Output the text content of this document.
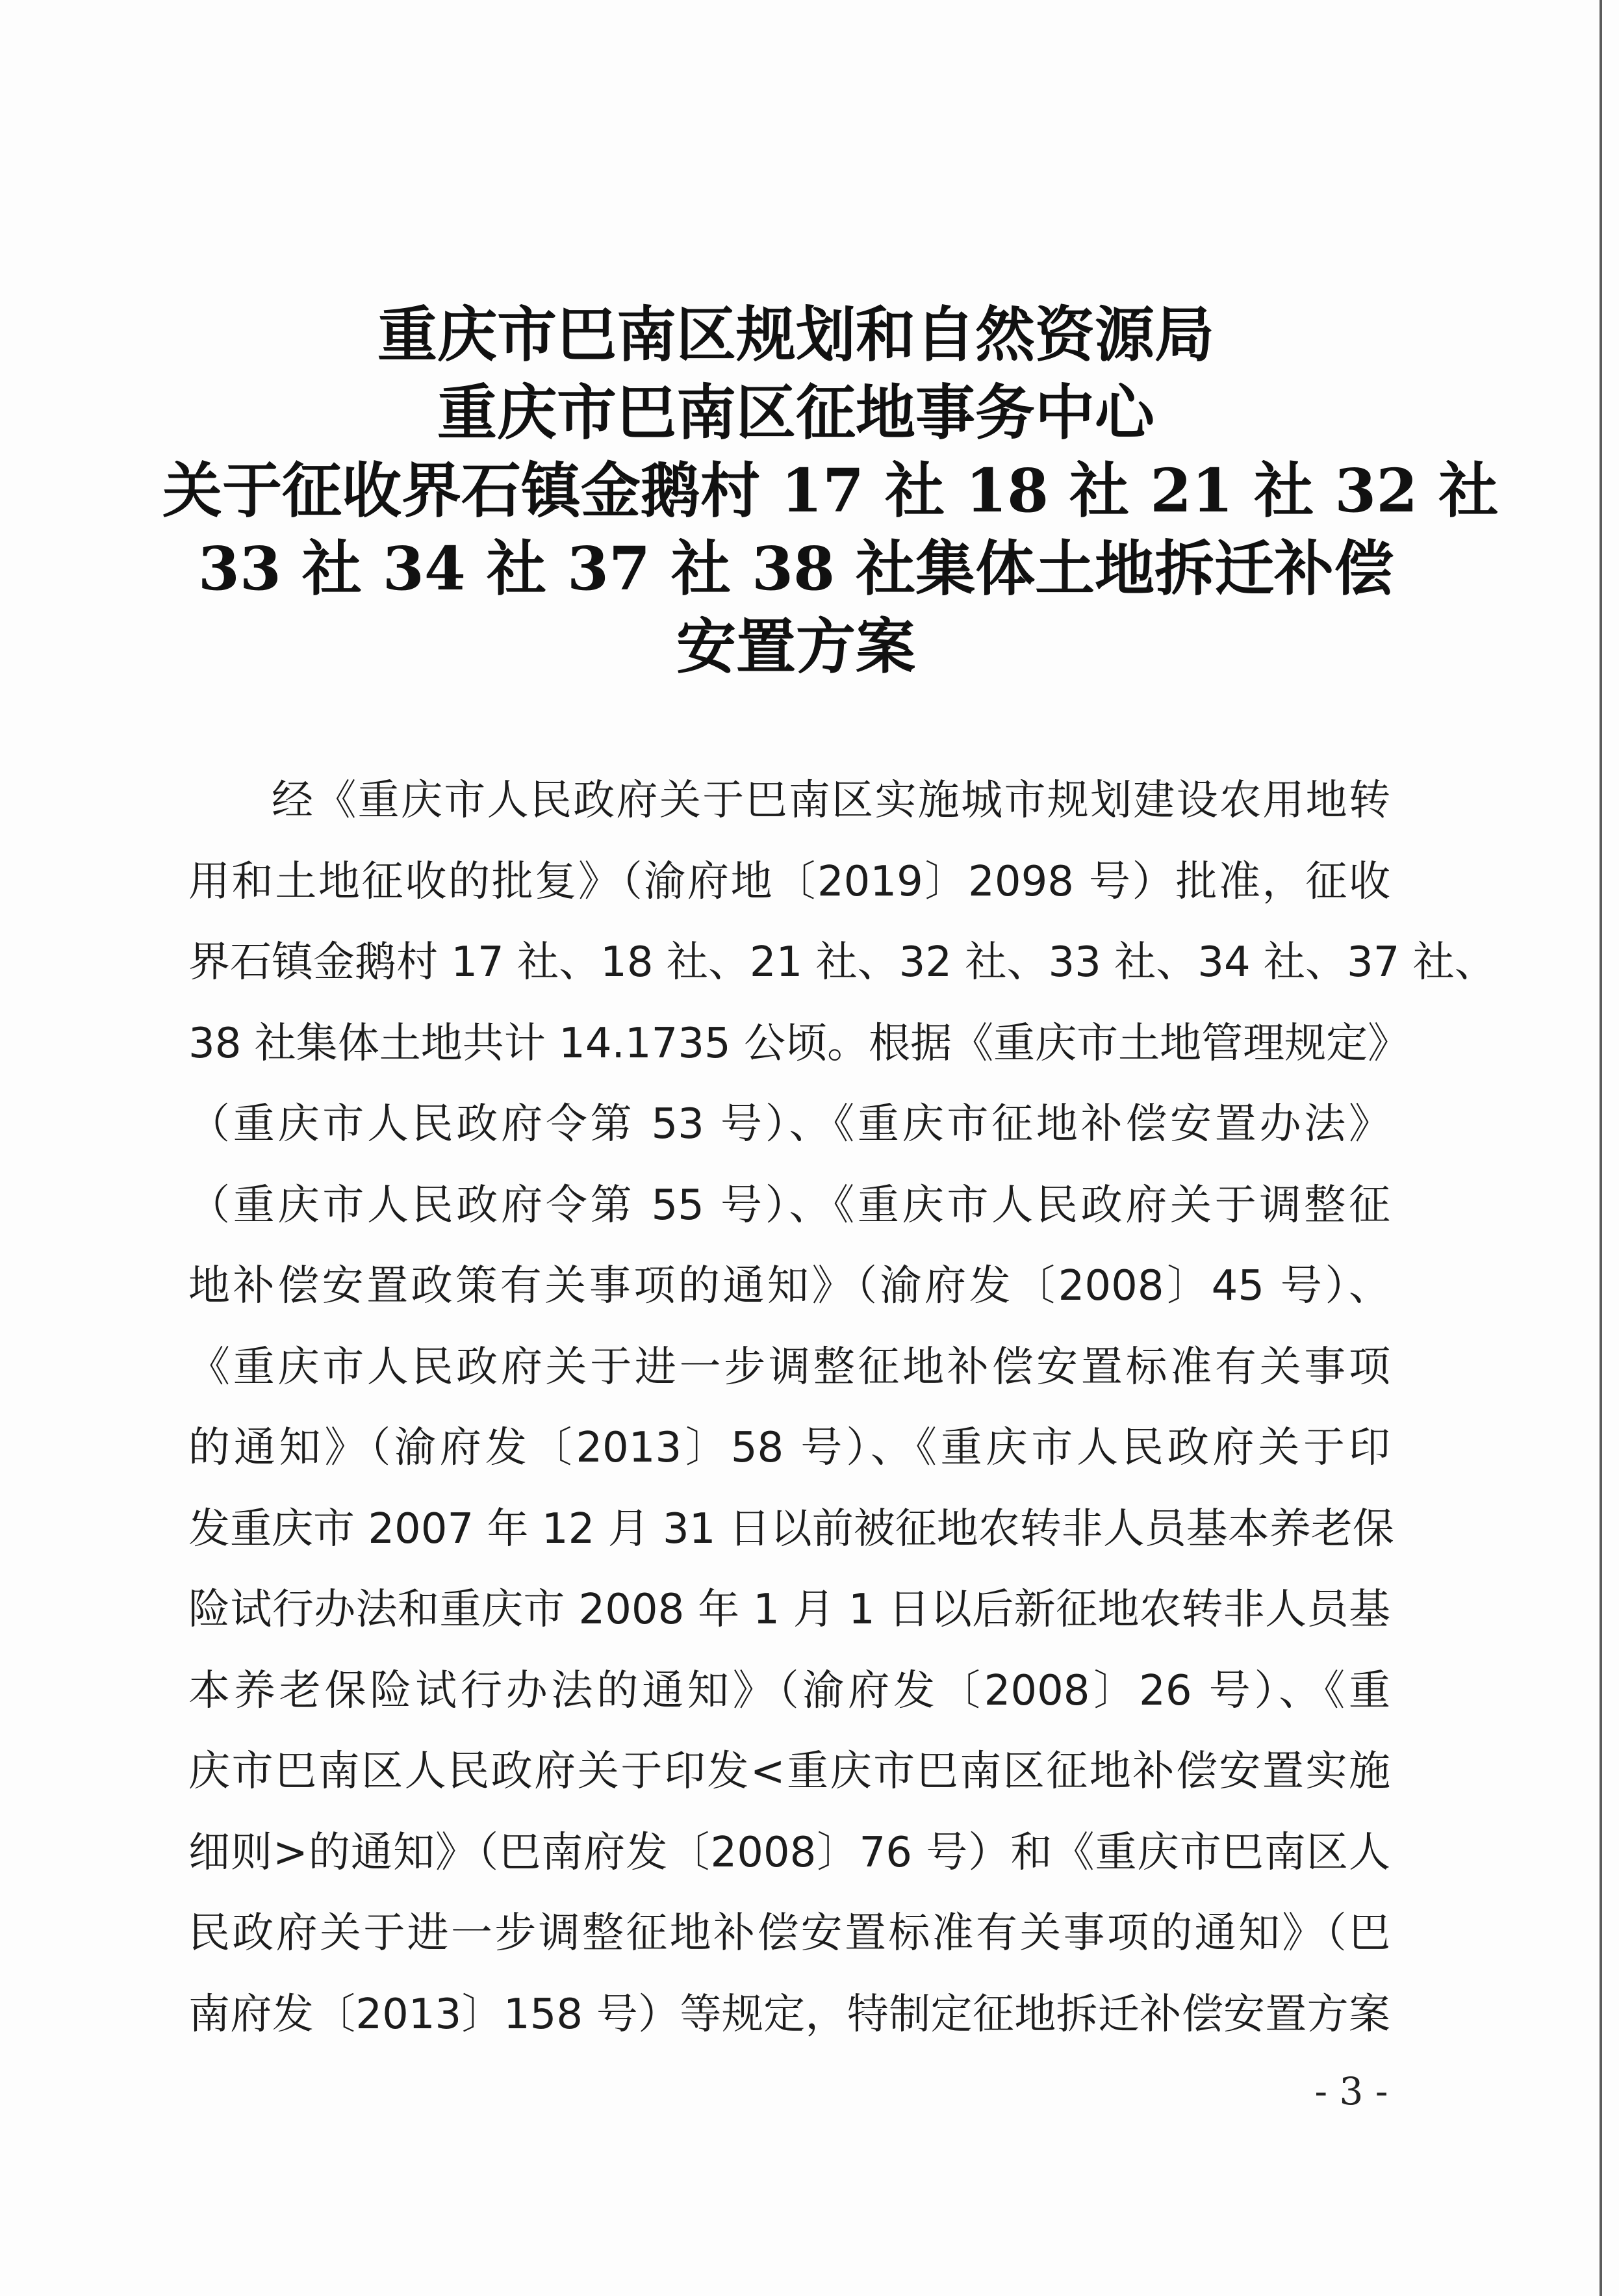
重庆市巴南区规划和自然资源局
重庆市巴南区征地事务中心
关于征收界石镇金鹅村 17 社 18 社 21 社 32 社
33 社 34 社 37 社 38 社集体土地拆迁补偿
安置方案
经《重庆市人民政府关于巴南区实施城市规划建设农用地转
用和土地征收的批复》（渝府地〔2019〕2098 号）批准，征收
界石镇金鹅村 17 社、18 社、21 社、32 社、33 社、34 社、37 社、
38 社集体土地共计 14.1735 公顷。根据《重庆市土地管理规定》
（重庆市人民政府令第 53 号）、《重庆市征地补偿安置办法》
（重庆市人民政府令第 55 号）、《重庆市人民政府关于调整征
地补偿安置政策有关事项的通知》（渝府发〔2008〕45 号）、
《重庆市人民政府关于进一步调整征地补偿安置标准有关事项
的通知》（渝府发〔2013〕58 号）、《重庆市人民政府关于印
发重庆市 2007 年 12 月 31 日以前被征地农转非人员基本养老保
险试行办法和重庆市 2008 年 1 月 1 日以后新征地农转非人员基
本养老保险试行办法的通知》（渝府发〔2008〕26 号）、《重
庆市巴南区人民政府关于印发<重庆市巴南区征地补偿安置实施
细则>的通知》（巴南府发〔2008〕76 号）和《重庆市巴南区人
民政府关于进一步调整征地补偿安置标准有关事项的通知》（巴
南府发〔2013〕158 号）等规定，特制定征地拆迁补偿安置方案
- 3 -
